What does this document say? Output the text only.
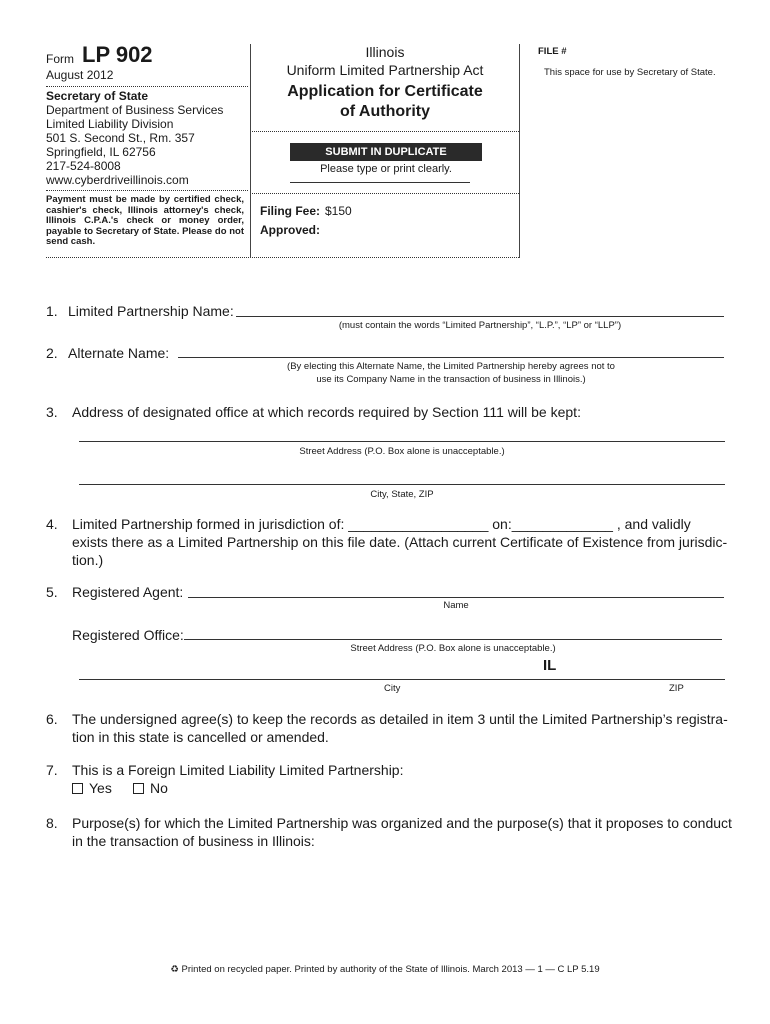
Form LP 902
August 2012
Secretary of State
Department of Business Services
Limited Liability Division
501 S. Second St., Rm. 357
Springfield, IL 62756
217-524-8008
www.cyberdriveillinois.com
Payment must be made by certified check, cashier's check, Illinois attorney's check, Illinois C.P.A.'s check or money order, payable to Secretary of State. Please do not send cash.
Illinois
Uniform Limited Partnership Act
Application for Certificate
of Authority
SUBMIT IN DUPLICATE
Please type or print clearly.
Filing Fee: $150
Approved:
FILE #
This space for use by Secretary of State.
1. Limited Partnership Name:
(must contain the words “Limited Partnership”, “L.P.”, “LP” or “LLP”)
2. Alternate Name:
(By electing this Alternate Name, the Limited Partnership hereby agrees not to
use its Company Name in the transaction of business in Illinois.)
3. Address of designated office at which records required by Section 111 will be kept:
Street Address (P.O. Box alone is unacceptable.)
City, State, ZIP
4. Limited Partnership formed in jurisdiction of: __________________ on:_____________ , and validly
exists there as a Limited Partnership on this file date. (Attach current Certificate of Existence from jurisdic-
tion.)
5. Registered Agent:
Name
Registered Office:
Street Address (P.O. Box alone is unacceptable.)
IL
City	ZIP
6. The undersigned agree(s) to keep the records as detailed in item 3 until the Limited Partnership’s registra-
tion in this state is cancelled or amended.
7. This is a Foreign Limited Liability Limited Partnership:
Yes	No
8. Purpose(s) for which the Limited Partnership was organized and the purpose(s) that it proposes to conduct
in the transaction of business in Illinois:
♻ Printed on recycled paper. Printed by authority of the State of Illinois. March 2013 — 1 — C LP 5.19
